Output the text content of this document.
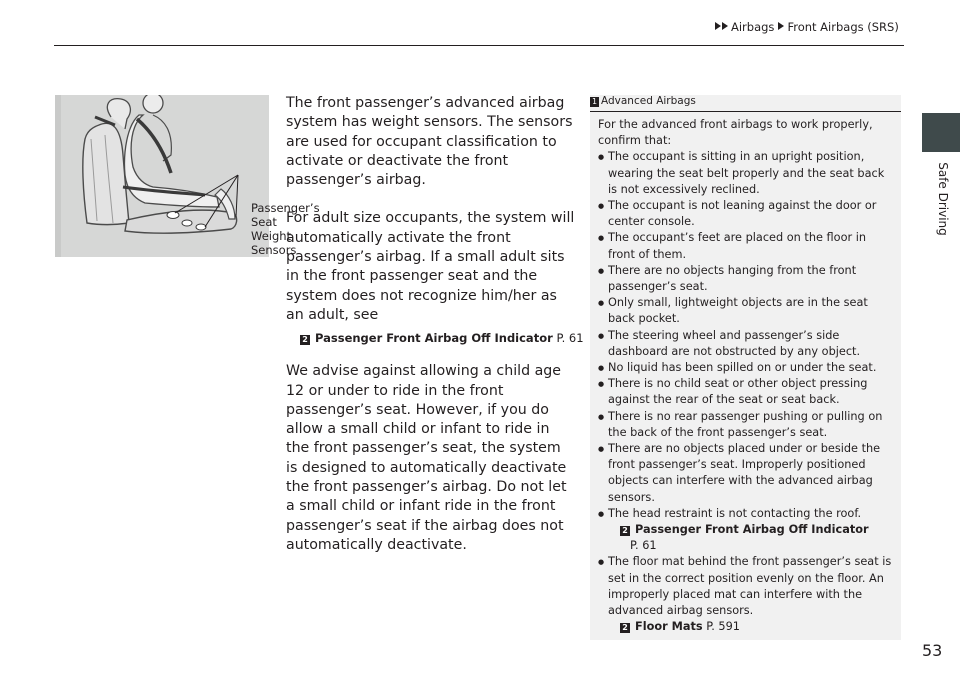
Airbags Front Airbags (SRS)
Safe Driving
Passenger’s
Seat
Weight
Sensors

The front passenger’s advanced airbag system has weight sensors. The sensors are used for occupant classification to activate or deactivate the front passenger’s airbag.

For adult size occupants, the system will automatically activate the front passenger’s airbag. If a small adult sits in the front passenger seat and the system does not recognize him/her as an adult, see

2 Passenger Front Airbag Off Indicator P. 61

We advise against allowing a child age 12 or under to ride in the front passenger’s seat. However, if you do allow a small child or infant to ride in the front passenger’s seat, the system is designed to automatically deactivate the front passenger’s airbag. Do not let a small child or infant ride in the front passenger’s seat if the airbag does not automatically deactivate.

1 Advanced Airbags
For the advanced front airbags to work properly, confirm that:
● The occupant is sitting in an upright position, wearing the seat belt properly and the seat back is not excessively reclined.
● The occupant is not leaning against the door or center console.
● The occupant’s feet are placed on the floor in front of them.
● There are no objects hanging from the front passenger’s seat.
● Only small, lightweight objects are in the seat back pocket.
● The steering wheel and passenger’s side dashboard are not obstructed by any object.
● No liquid has been spilled on or under the seat.
● There is no child seat or other object pressing against the rear of the seat or seat back.
● There is no rear passenger pushing or pulling on the back of the front passenger’s seat.
● There are no objects placed under or beside the front passenger’s seat. Improperly positioned objects can interfere with the advanced airbag sensors.
● The head restraint is not contacting the roof.
2 Passenger Front Airbag Off Indicator
P. 61
● The floor mat behind the front passenger’s seat is set in the correct position evenly on the floor. An improperly placed mat can interfere with the advanced airbag sensors.
2 Floor Mats P. 591
53
